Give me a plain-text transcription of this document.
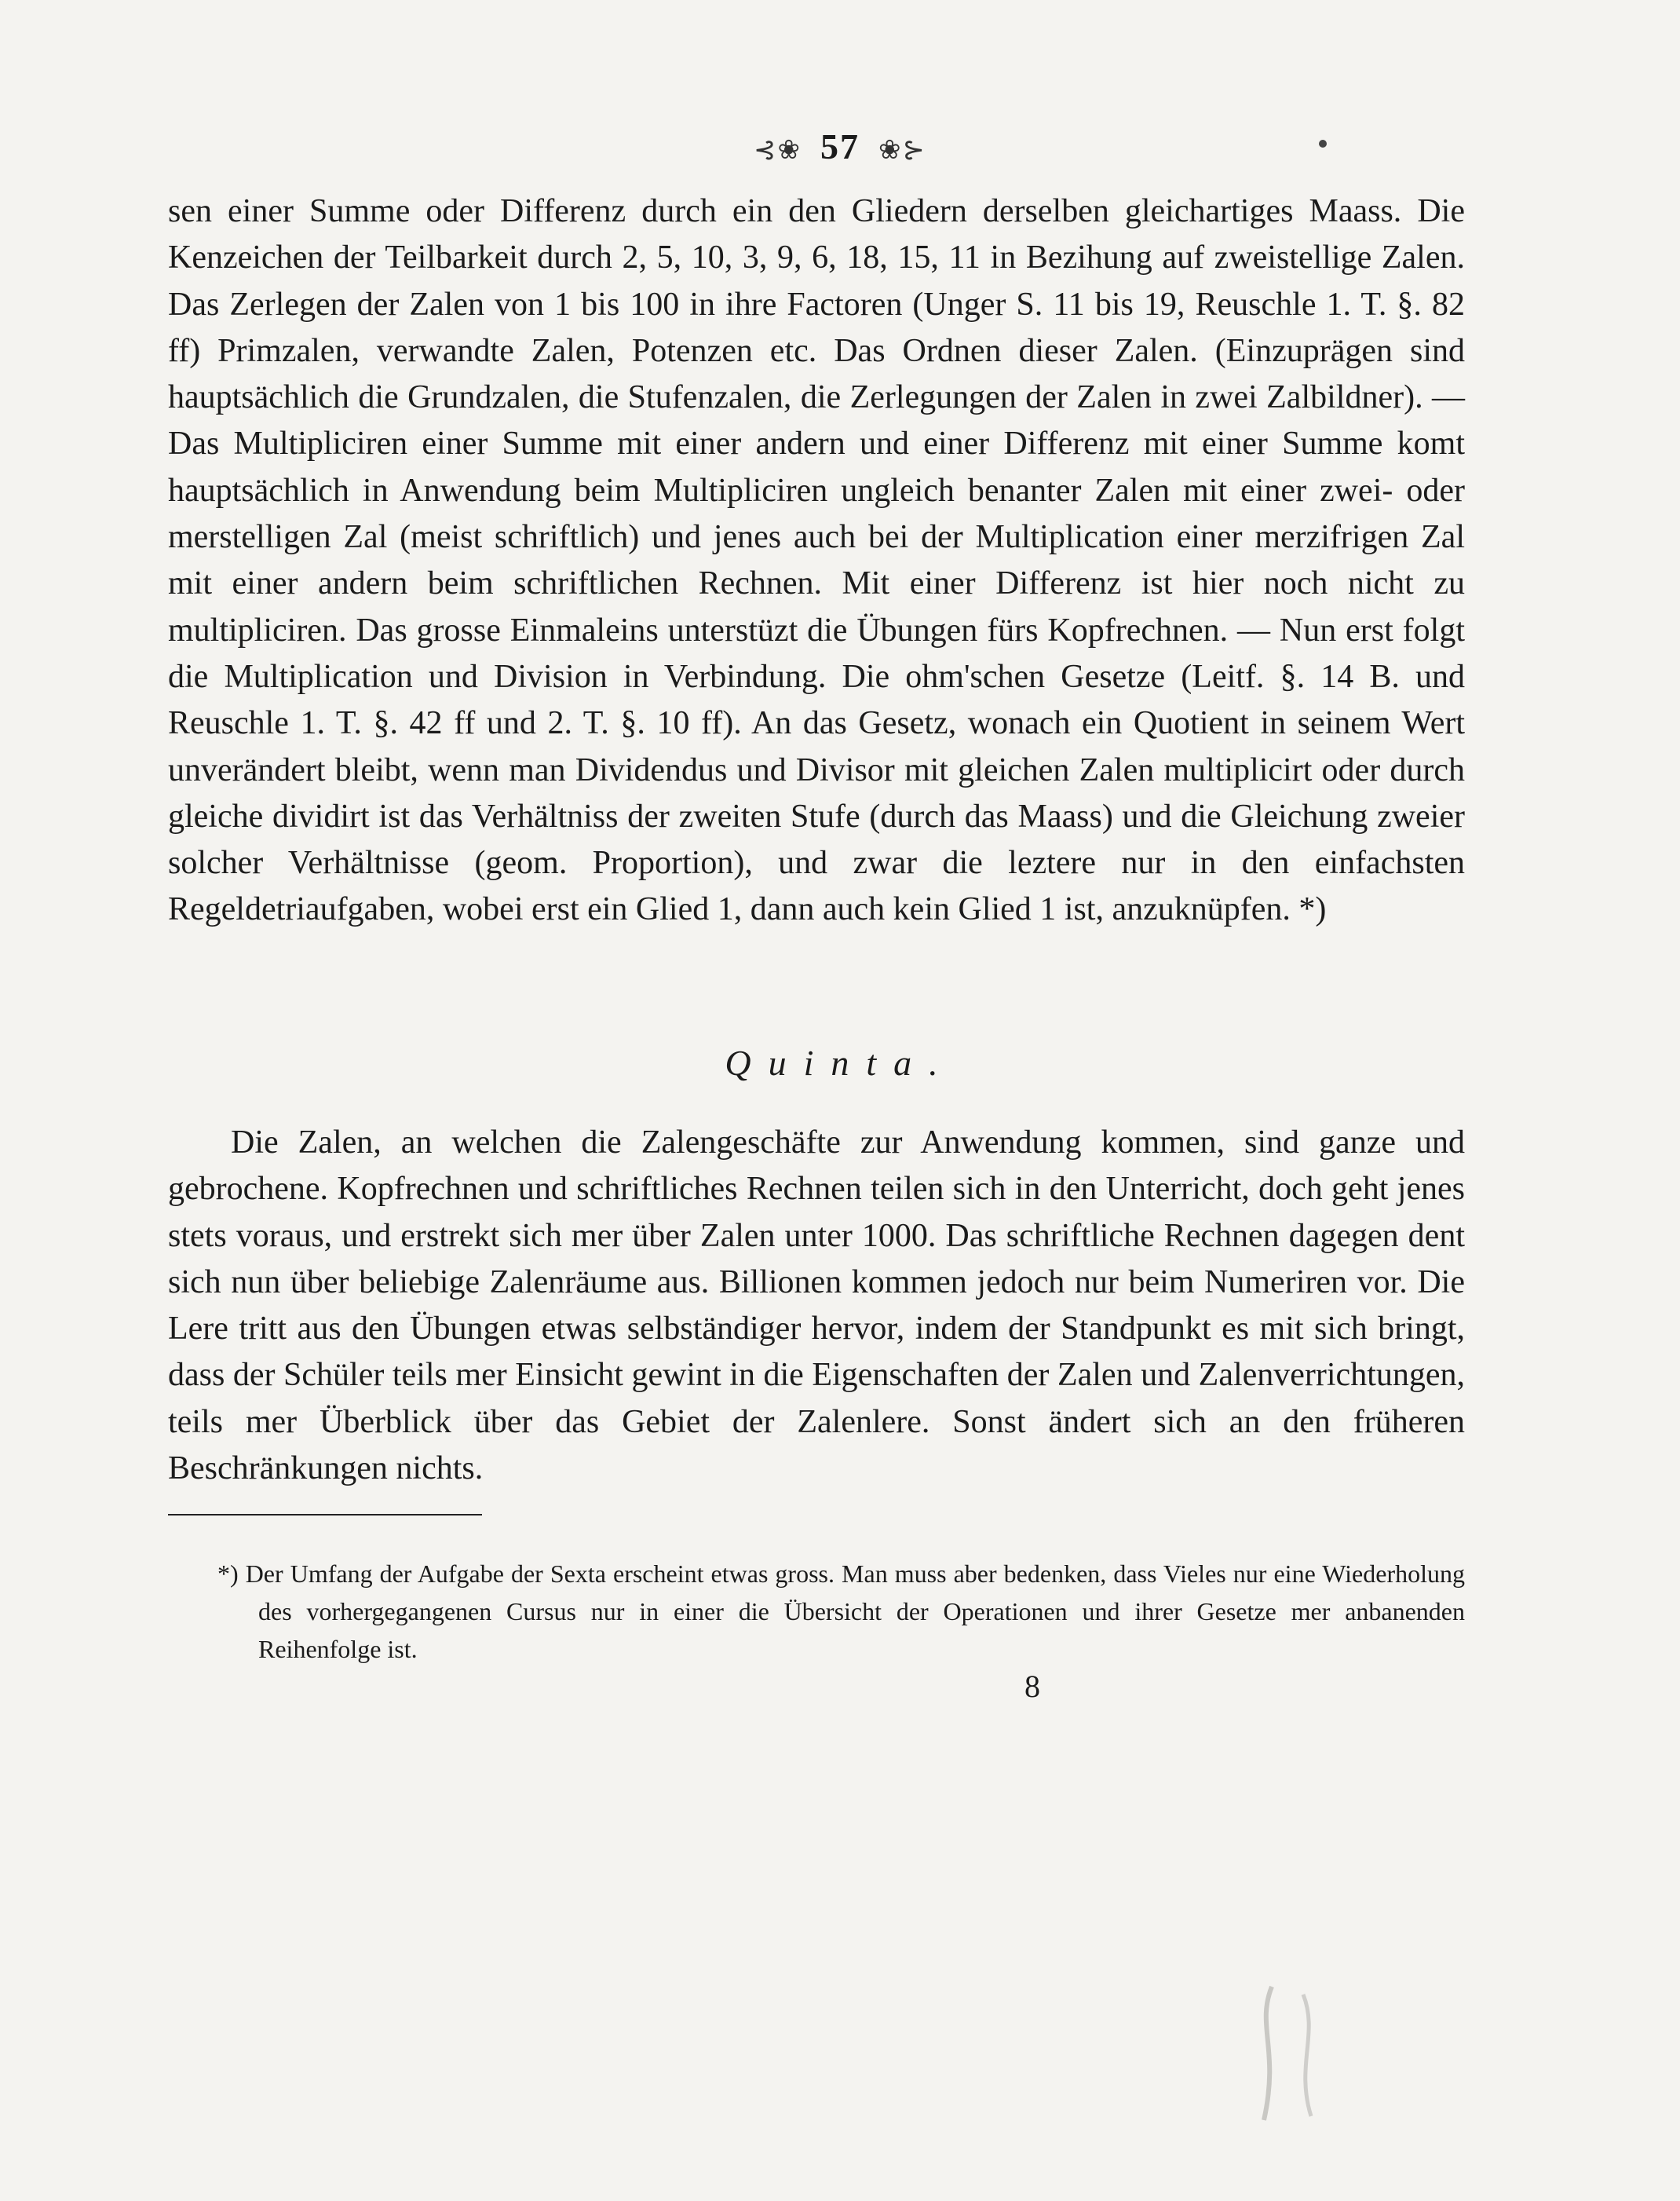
⊰❀ 57 ❀⊱

sen einer Summe oder Differenz durch ein den Gliedern derselben gleichartiges Maass. Die Kenzeichen der Teilbarkeit durch 2, 5, 10, 3, 9, 6, 18, 15, 11 in Bezihung auf zweistellige Zalen. Das Zerlegen der Zalen von 1 bis 100 in ihre Factoren (Unger S. 11 bis 19, Reuschle 1. T. §. 82 ff) Primzalen, verwandte Zalen, Potenzen etc. Das Ordnen dieser Zalen. (Einzuprägen sind hauptsächlich die Grundzalen, die Stufenzalen, die Zerlegungen der Zalen in zwei Zalbildner). — Das Multipliciren einer Summe mit einer andern und einer Differenz mit einer Summe komt hauptsächlich in Anwendung beim Multipliciren ungleich benanter Zalen mit einer zwei- oder merstelligen Zal (meist schriftlich) und jenes auch bei der Multiplication einer merzifrigen Zal mit einer andern beim schriftlichen Rechnen. Mit einer Differenz ist hier noch nicht zu multipliciren. Das grosse Einmaleins unterstüzt die Übungen fürs Kopfrechnen. — Nun erst folgt die Multiplication und Division in Verbindung. Die ohm'schen Gesetze (Leitf. §. 14 B. und Reuschle 1. T. §. 42 ff und 2. T. §. 10 ff). An das Gesetz, wonach ein Quotient in seinem Wert unverändert bleibt, wenn man Dividendus und Divisor mit gleichen Zalen multiplicirt oder durch gleiche dividirt ist das Verhältniss der zweiten Stufe (durch das Maass) und die Gleichung zweier solcher Verhältnisse (geom. Proportion), und zwar die leztere nur in den einfachsten Regeldetriaufgaben, wobei erst ein Glied 1, dann auch kein Glied 1 ist, anzuknüpfen. *)

Quinta.

Die Zalen, an welchen die Zalengeschäfte zur Anwendung kommen, sind ganze und gebrochene. Kopfrechnen und schriftliches Rechnen teilen sich in den Unterricht, doch geht jenes stets voraus, und erstrekt sich mer über Zalen unter 1000. Das schriftliche Rechnen dagegen dent sich nun über beliebige Zalenräume aus. Billionen kommen jedoch nur beim Numeriren vor. Die Lere tritt aus den Übungen etwas selbständiger hervor, indem der Standpunkt es mit sich bringt, dass der Schüler teils mer Einsicht gewint in die Eigenschaften der Zalen und Zalenverrichtungen, teils mer Überblick über das Gebiet der Zalenlere. Sonst ändert sich an den früheren Beschränkungen nichts.

*) Der Umfang der Aufgabe der Sexta erscheint etwas gross. Man muss aber bedenken, dass Vieles nur eine Wiederholung des vorhergegangenen Cursus nur in einer die Übersicht der Operationen und ihrer Gesetze mer anbanenden Reihenfolge ist.

8
